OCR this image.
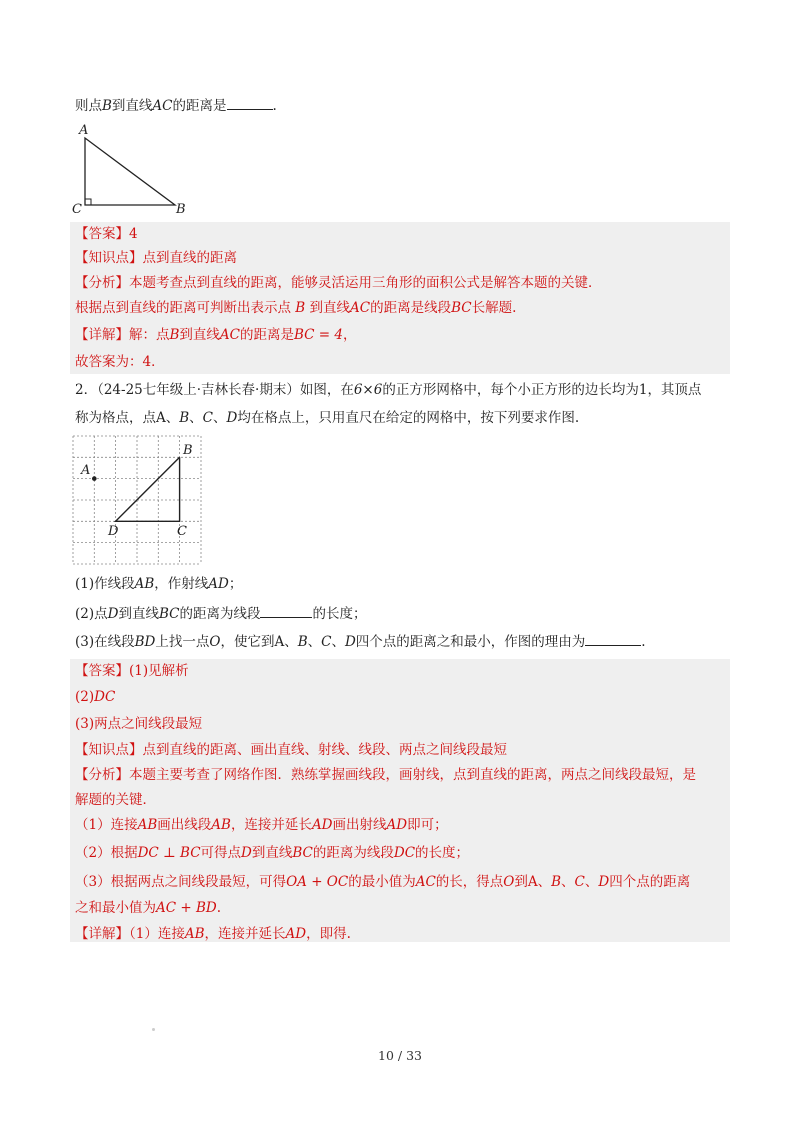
则点B到直线AC的距离是	.
A
C	B
【答案】4
【知识点】点到直线的距离
【分析】本题考查点到直线的距离，能够灵活运用三角形的面积公式是解答本题的关键．
根据点到直线的距离可判断出表示点 B 到直线AC的距离是线段BC长解题.
【详解】解：点B到直线AC的距离是BC = 4，
故答案为：4．
2．（24-25七年级上·吉林长春·期末）如图，在6×6的正方形网格中，每个小正方形的边长均为1，其顶点
称为格点，点A、B、C、D均在格点上，只用直尺在给定的网格中，按下列要求作图.
A
B
C
D
(1)作线段AB，作射线AD；
(2)点D到直线BC的距离为线段	的长度；
(3)在线段BD上找一点O，使它到A、B、C、D四个点的距离之和最小，作图的理由为	.
【答案】(1)见解析
(2)DC
(3)两点之间线段最短
【知识点】点到直线的距离、画出直线、射线、线段、两点之间线段最短
【分析】本题主要考查了网络作图．熟练掌握画线段，画射线，点到直线的距离，两点之间线段最短，是
解题的关键．
（1）连接AB画出线段AB，连接并延长AD画出射线AD即可；
（2）根据DC ⊥ BC可得点D到直线BC的距离为线段DC的长度；
（3）根据两点之间线段最短，可得OA + OC的最小值为AC的长，得点O到A、B、C、D四个点的距离
之和最小值为AC + BD.
【详解】（1）连接AB，连接并延长AD，即得.
10 / 33
